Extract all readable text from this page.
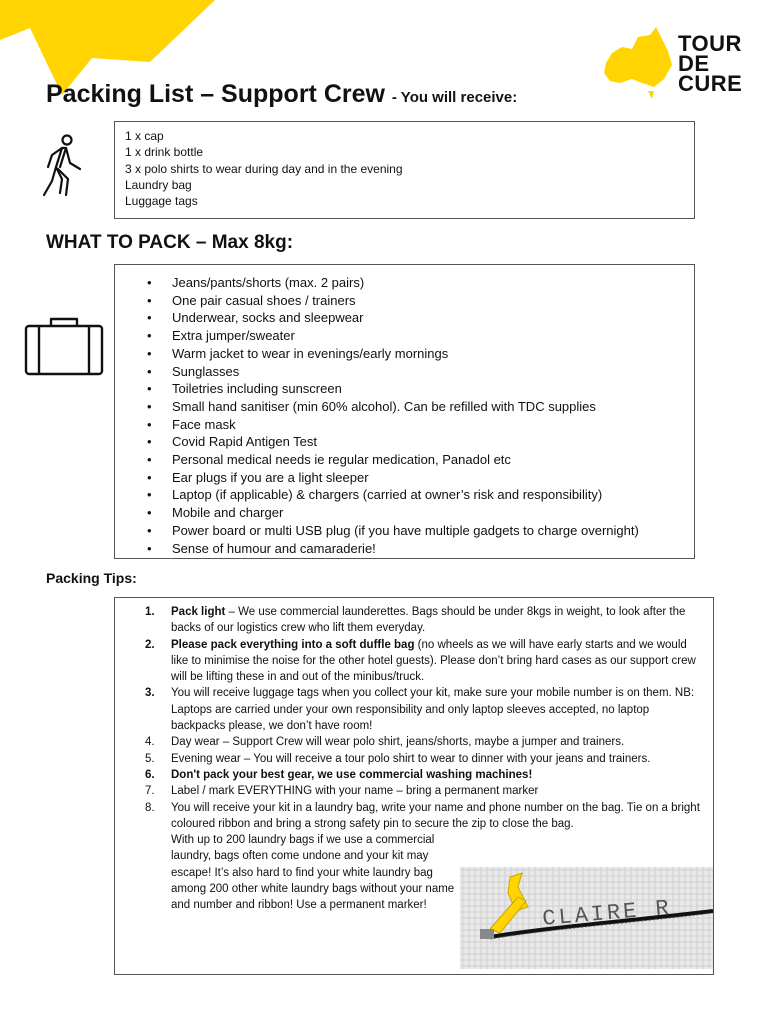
TOUR
DE
CURE
Packing List – Support Crew - You will receive:
1 x cap
1 x drink bottle
3 x polo shirts to wear during day and in the evening
Laundry bag
Luggage tags
WHAT TO PACK – Max 8kg:
• Jeans/pants/shorts (max. 2 pairs)
• One pair casual shoes / trainers
• Underwear, socks and sleepwear
• Extra jumper/sweater
• Warm jacket to wear in evenings/early mornings
• Sunglasses
• Toiletries including sunscreen
• Small hand sanitiser (min 60% alcohol). Can be refilled with TDC supplies
• Face mask
• Covid Rapid Antigen Test
• Personal medical needs ie regular medication, Panadol etc
• Ear plugs if you are a light sleeper
• Laptop (if applicable) & chargers (carried at owner’s risk and responsibility)
• Mobile and charger
• Power board or multi USB plug (if you have multiple gadgets to charge overnight)
• Sense of humour and camaraderie!
Packing Tips:
1. Pack light – We use commercial launderettes. Bags should be under 8kgs in weight, to look after the backs of our logistics crew who lift them everyday.
2. Please pack everything into a soft duffle bag (no wheels as we will have early starts and we would like to minimise the noise for the other hotel guests). Please don’t bring hard cases as our support crew will be lifting these in and out of the minibus/truck.
3. You will receive luggage tags when you collect your kit, make sure your mobile number is on them. NB: Laptops are carried under your own responsibility and only laptop sleeves accepted, no laptop backpacks please, we don’t have room!
4. Day wear – Support Crew will wear polo shirt, jeans/shorts, maybe a jumper and trainers.
5. Evening wear – You will receive a tour polo shirt to wear to dinner with your jeans and trainers.
6. Don't pack your best gear, we use commercial washing machines!
7. Label / mark EVERYTHING with your name – bring a permanent marker
8. You will receive your kit in a laundry bag, write your name and phone number on the bag. Tie on a bright coloured ribbon and bring a strong safety pin to secure the zip to close the bag.
With up to 200 laundry bags if we use a commercial laundry, bags often come undone and your kit may escape! It’s also hard to find your white laundry bag among 200 other white laundry bags without your name and number and ribbon! Use a permanent marker!	CLAIRE R
